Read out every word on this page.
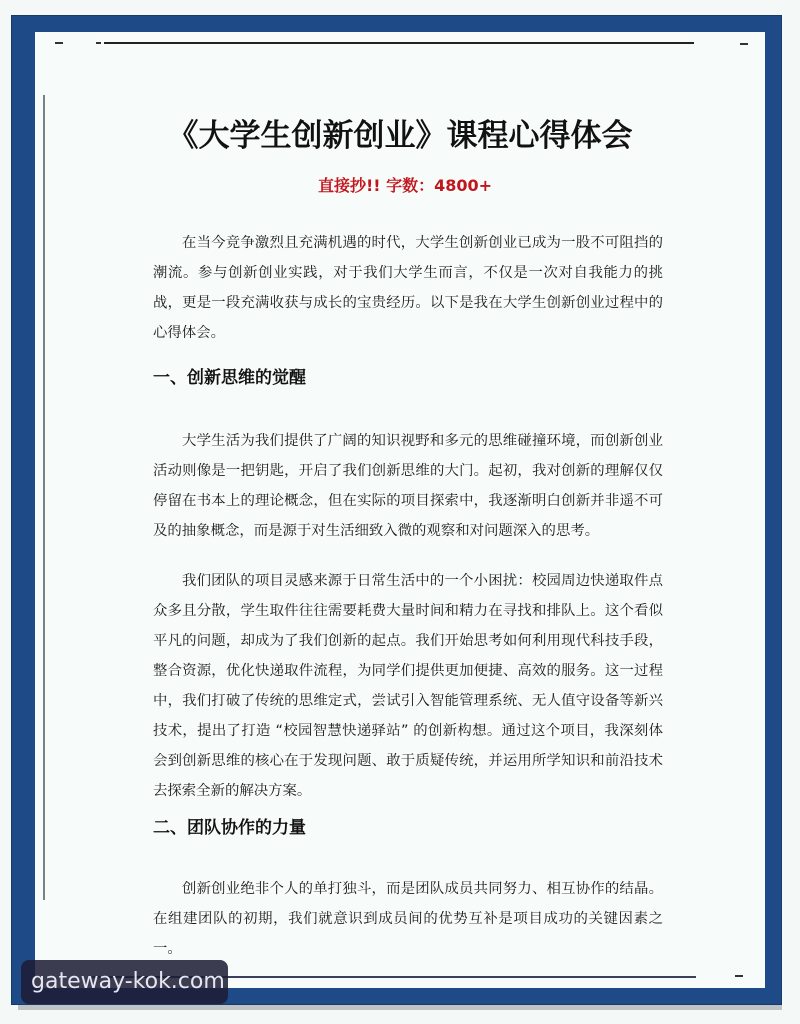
《大学生创新创业》课程心得体会
直接抄!! 字数：4800+

在当今竞争激烈且充满机遇的时代，大学生创新创业已成为一股不可阻挡的潮流。参与创新创业实践，对于我们大学生而言，不仅是一次对自我能力的挑战，更是一段充满收获与成长的宝贵经历。以下是我在大学生创新创业过程中的心得体会。

一、创新思维的觉醒

大学生活为我们提供了广阔的知识视野和多元的思维碰撞环境，而创新创业活动则像是一把钥匙，开启了我们创新思维的大门。起初，我对创新的理解仅仅停留在书本上的理论概念，但在实际的项目探索中，我逐渐明白创新并非遥不可及的抽象概念，而是源于对生活细致入微的观察和对问题深入的思考。

我们团队的项目灵感来源于日常生活中的一个小困扰：校园周边快递取件点众多且分散，学生取件往往需要耗费大量时间和精力在寻找和排队上。这个看似平凡的问题，却成为了我们创新的起点。我们开始思考如何利用现代科技手段，整合资源，优化快递取件流程，为同学们提供更加便捷、高效的服务。这一过程中，我们打破了传统的思维定式，尝试引入智能管理系统、无人值守设备等新兴技术，提出了打造 “校园智慧快递驿站” 的创新构想。通过这个项目，我深刻体会到创新思维的核心在于发现问题、敢于质疑传统，并运用所学知识和前沿技术去探索全新的解决方案。

二、团队协作的力量

创新创业绝非个人的单打独斗，而是团队成员共同努力、相互协作的结晶。在组建团队的初期，我们就意识到成员间的优势互补是项目成功的关键因素之一。

gateway-kok.com
